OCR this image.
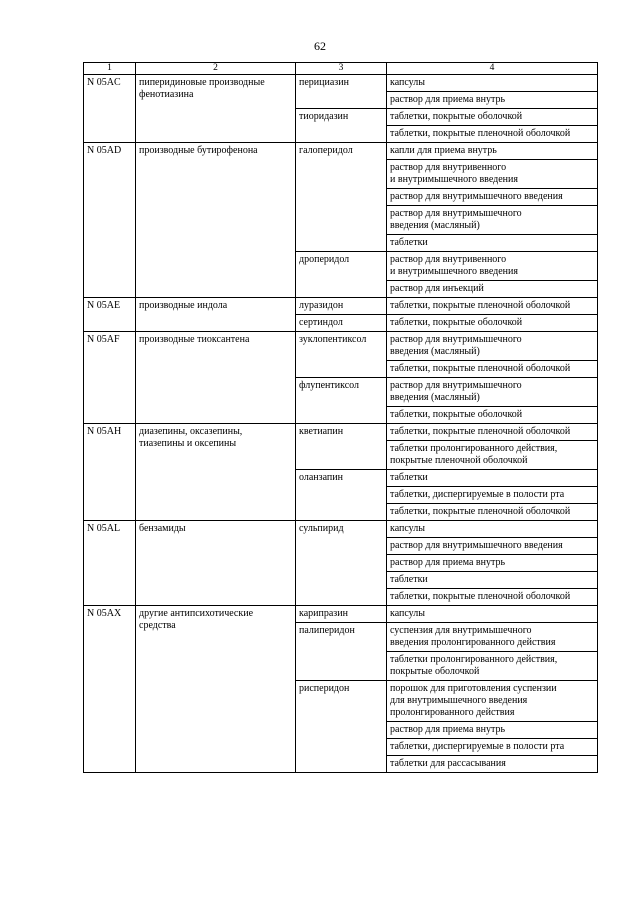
62
1	2	3	4
N 05AC	пиперидиновые производные фенотиазина	перициазин	капсулы
			раствор для приема внутрь
		тиоридазин	таблетки, покрытые оболочкой
			таблетки, покрытые пленочной оболочкой
N 05AD	производные бутирофенона	галоперидол	капли для приема внутрь
			раствор для внутривенного
и внутримышечного введения
			раствор для внутримышечного введения
			раствор для внутримышечного
введения (масляный)
			таблетки
		дроперидол	раствор для внутривенного
и внутримышечного введения
			раствор для инъекций
N 05AE	производные индола	луразидон	таблетки, покрытые пленочной оболочкой
		сертиндол	таблетки, покрытые оболочкой
N 05AF	производные тиоксантена	зуклопентиксол	раствор для внутримышечного
введения (масляный)
			таблетки, покрытые пленочной оболочкой
		флупентиксол	раствор для внутримышечного
введения (масляный)
			таблетки, покрытые оболочкой
N 05AH	диазепины, оксазепины,
тиазепины и оксепины	кветиапин	таблетки, покрытые пленочной оболочкой
			таблетки пролонгированного действия,
покрытые пленочной оболочкой
		оланзапин	таблетки
			таблетки, диспергируемые в полости рта
			таблетки, покрытые пленочной оболочкой
N 05AL	бензамиды	сульпирид	капсулы
			раствор для внутримышечного введения
			раствор для приема внутрь
			таблетки
			таблетки, покрытые пленочной оболочкой
N 05AX	другие антипсихотические
средства	карипразин	капсулы
		палиперидон	суспензия для внутримышечного
введения пролонгированного действия
			таблетки пролонгированного действия,
покрытые оболочкой
		рисперидон	порошок для приготовления суспензии
для внутримышечного введения
пролонгированного действия
			раствор для приема внутрь
			таблетки, диспергируемые в полости рта
			таблетки для рассасывания
